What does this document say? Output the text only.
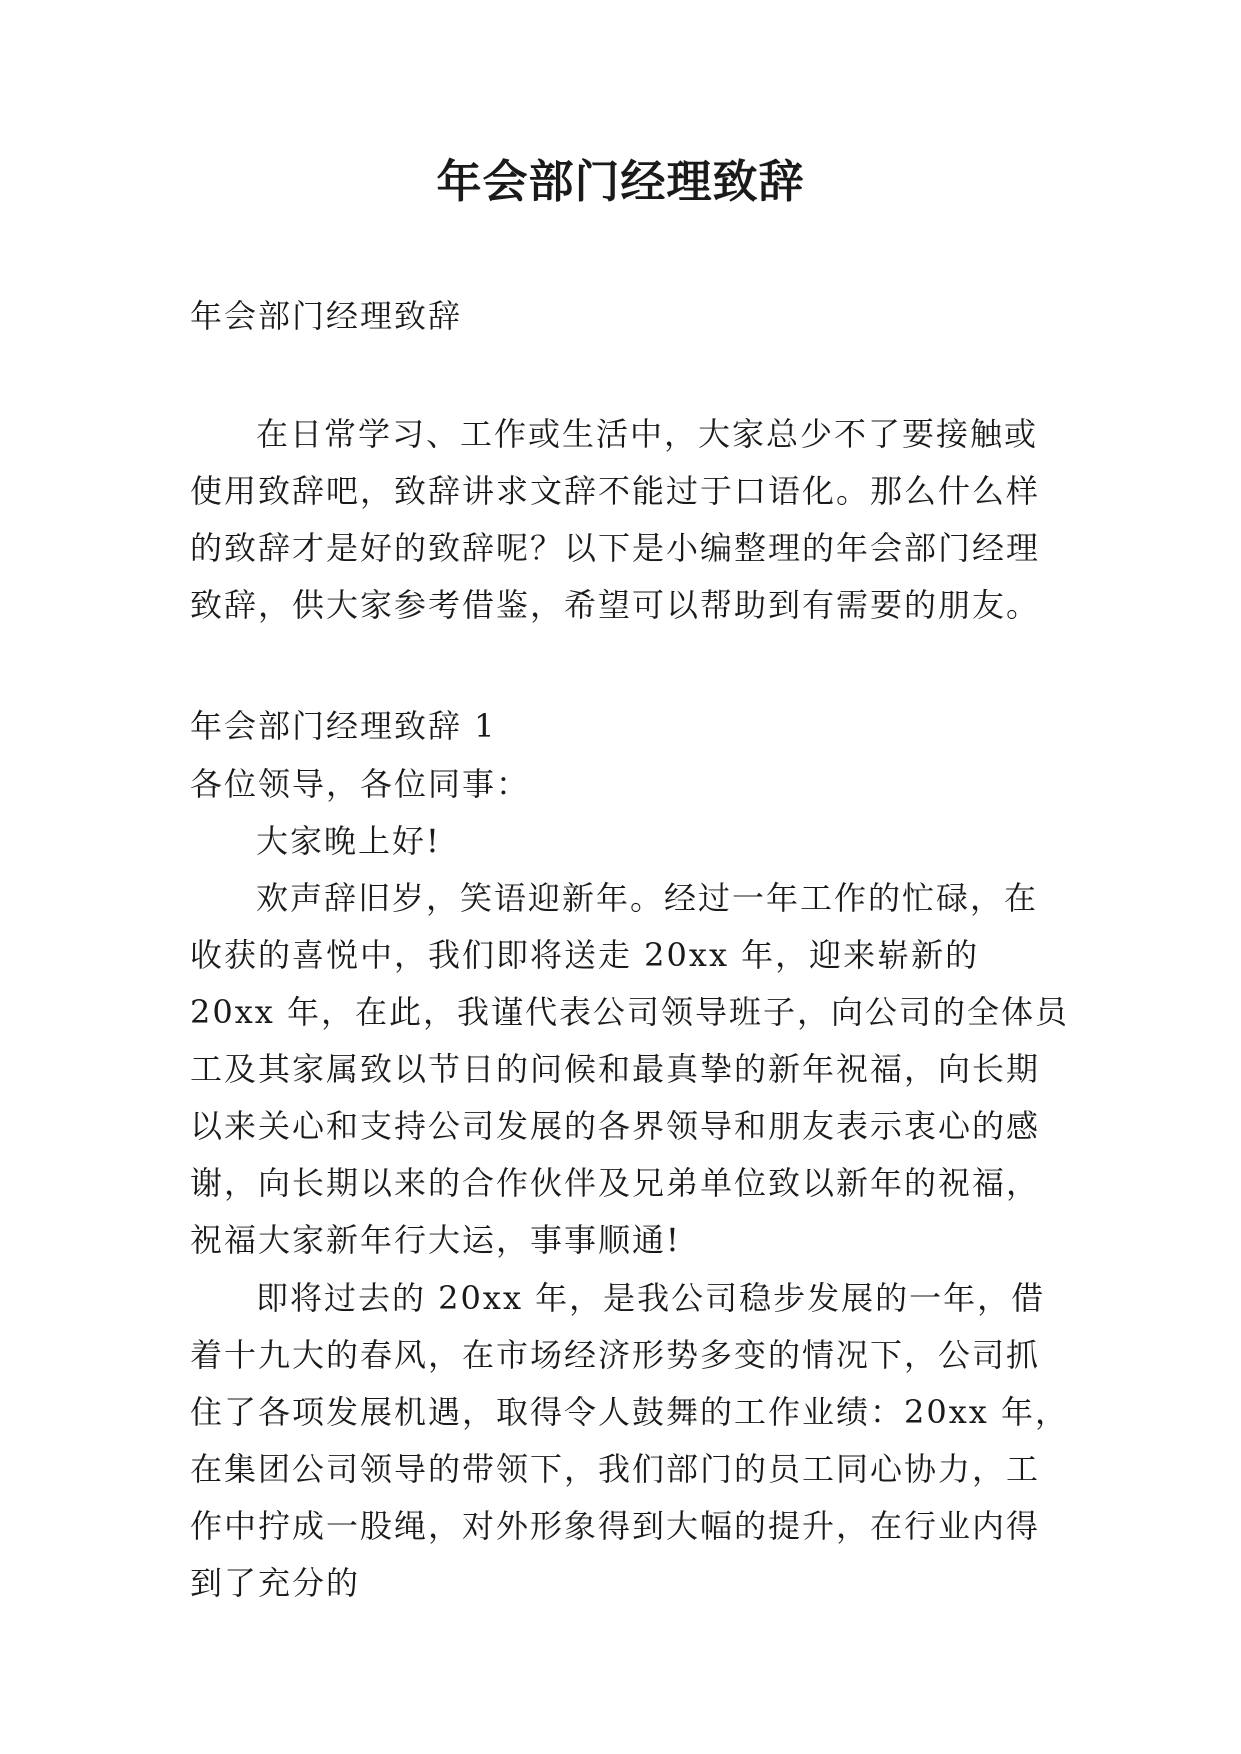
年会部门经理致辞

年会部门经理致辞

在日常学习、工作或生活中，大家总少不了要接触或使用致辞吧，致辞讲求文辞不能过于口语化。那么什么样的致辞才是好的致辞呢？以下是小编整理的年会部门经理致辞，供大家参考借鉴，希望可以帮助到有需要的朋友。

年会部门经理致辞 1

各位领导，各位同事：

大家晚上好!

欢声辞旧岁，笑语迎新年。经过一年工作的忙碌，在收获的喜悦中，我们即将送走 20xx 年，迎来崭新的 20xx 年，在此，我谨代表公司领导班子，向公司的全体员工及其家属致以节日的问候和最真挚的新年祝福，向长期以来关心和支持公司发展的各界领导和朋友表示衷心的感谢，向长期以来的合作伙伴及兄弟单位致以新年的祝福，祝福大家新年行大运，事事顺通!

即将过去的 20xx 年，是我公司稳步发展的一年，借着十九大的春风，在市场经济形势多变的情况下，公司抓住了各项发展机遇，取得令人鼓舞的工作业绩：20xx 年，在集团公司领导的带领下，我们部门的员工同心协力，工作中拧成一股绳，对外形象得到大幅的提升，在行业内得到了充分的
